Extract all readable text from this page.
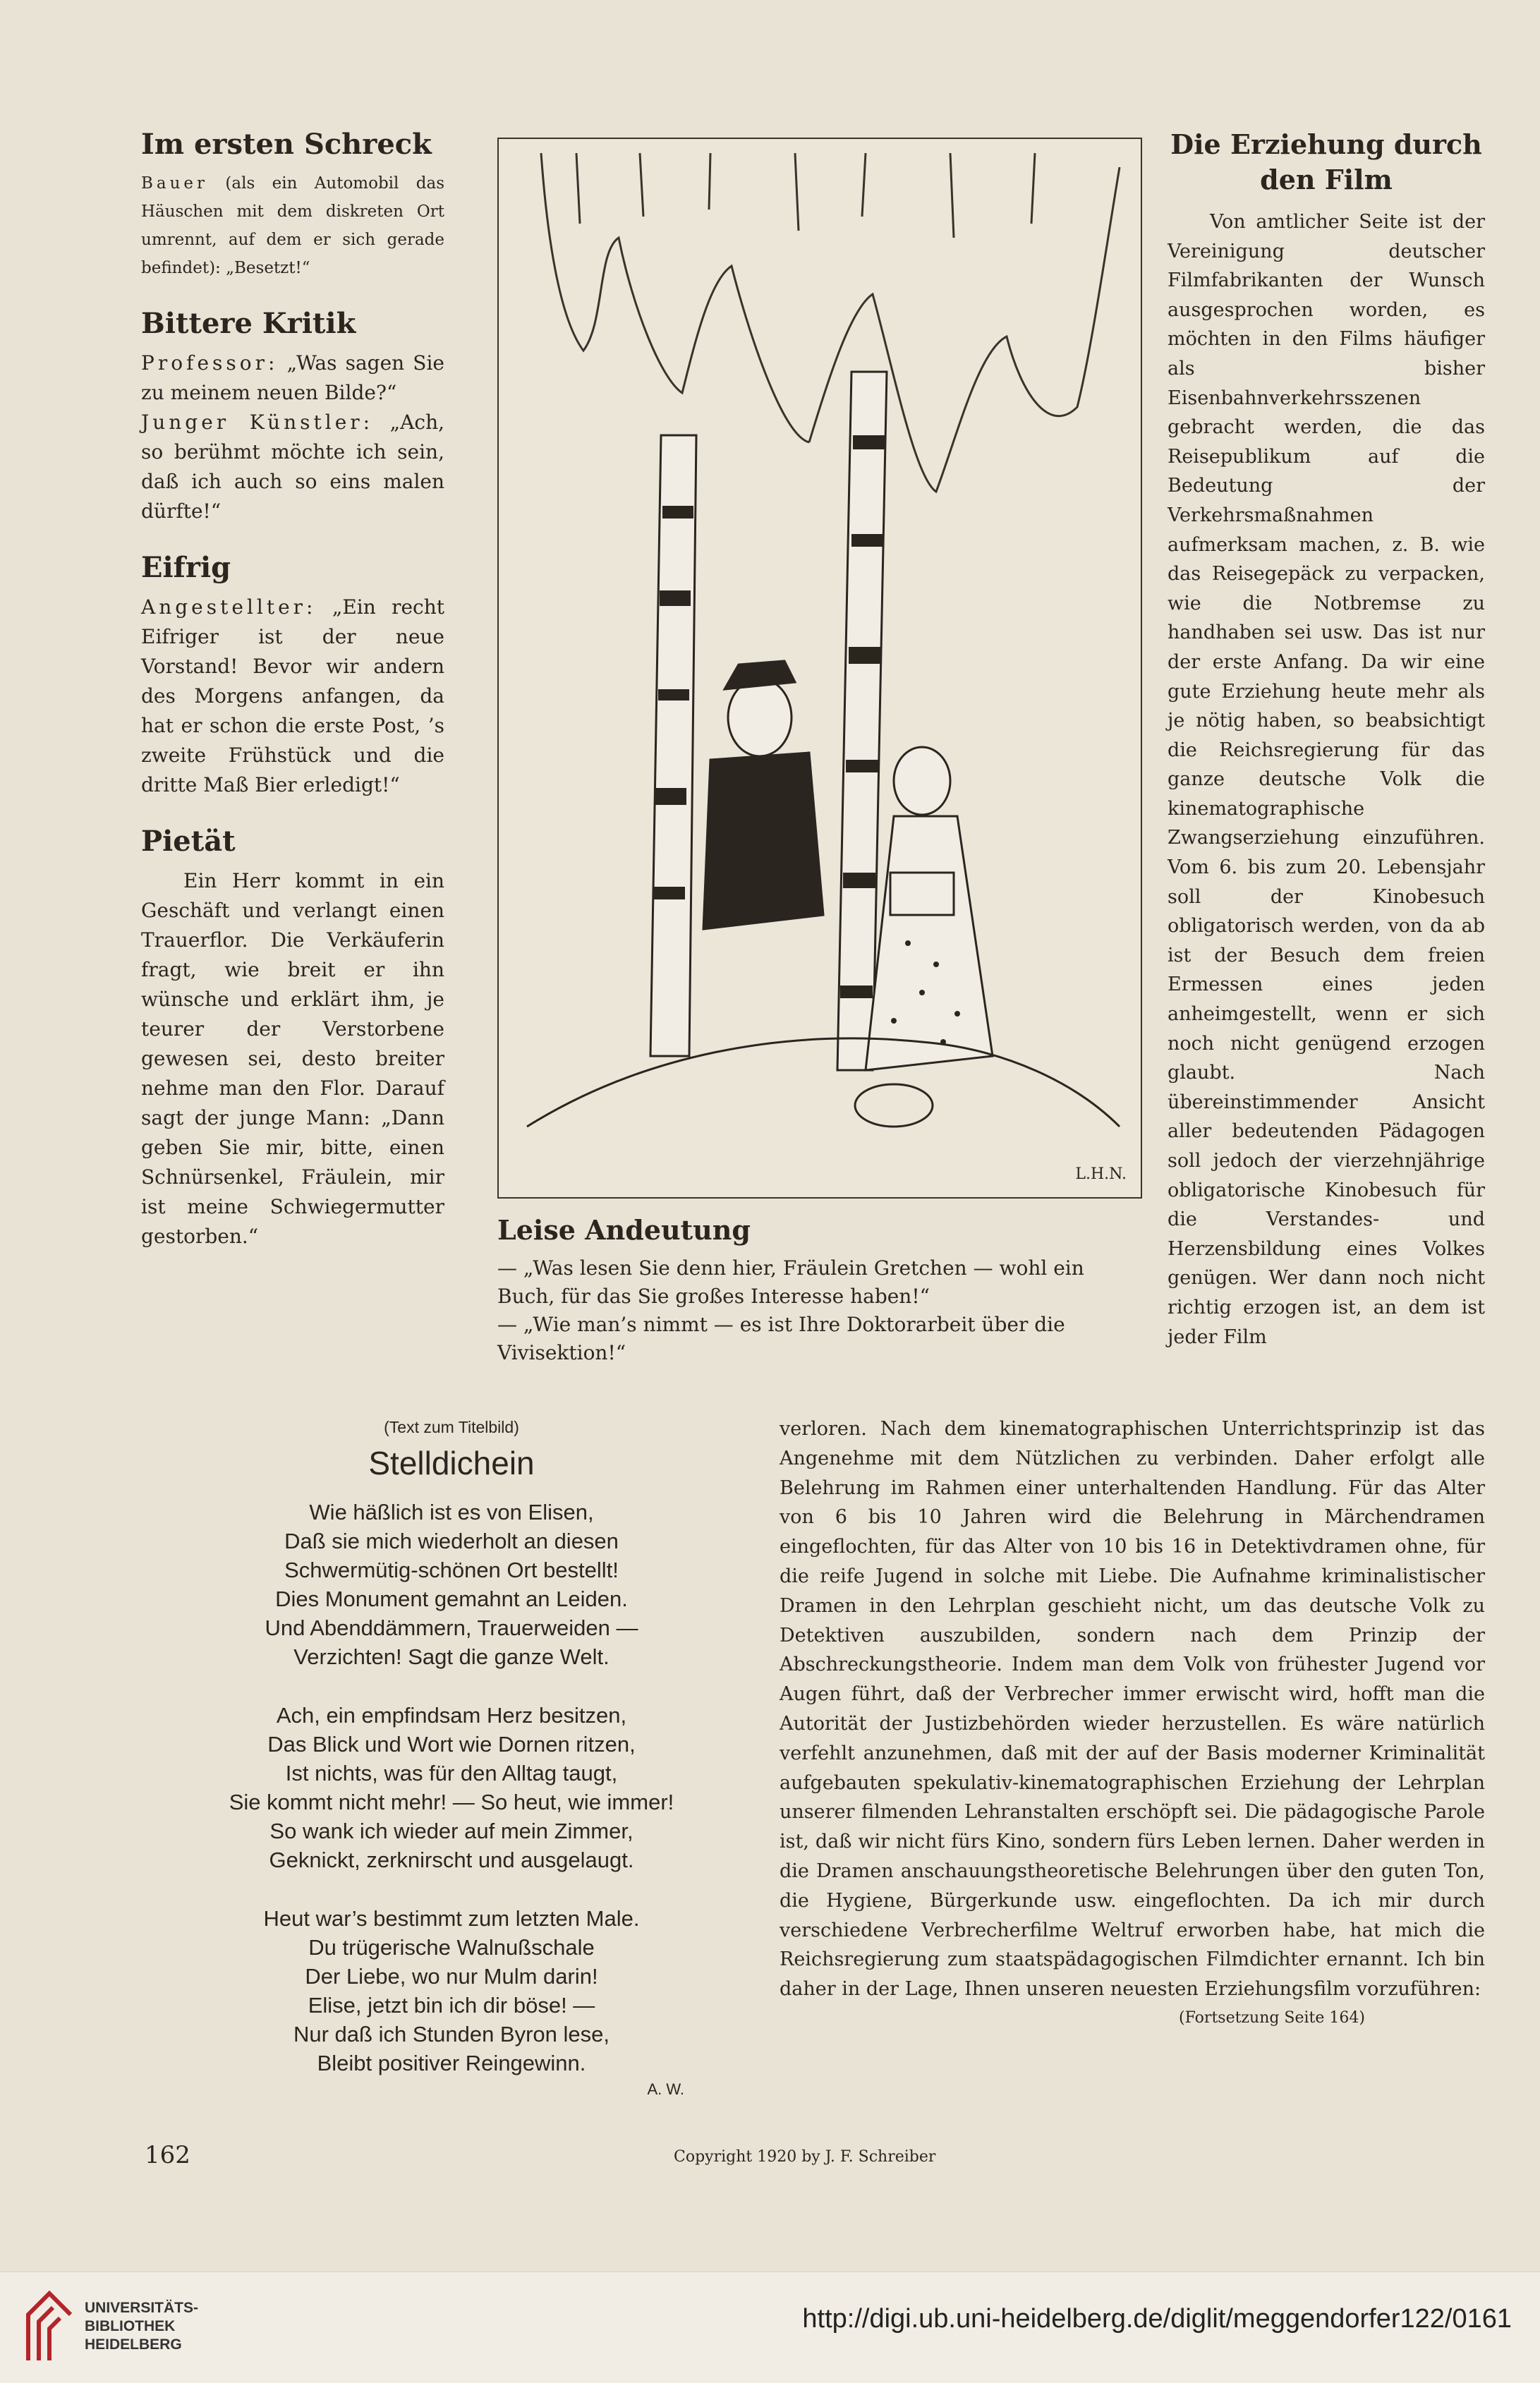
Im ersten Schreck

Bauer (als ein Automobil das Häuschen mit dem diskreten Ort umrennt, auf dem er sich gerade befindet): „Besetzt!“

Bittere Kritik

Professor: „Was sagen Sie zu meinem neuen Bilde?“

Junger Künstler: „Ach, so berühmt möchte ich sein, daß ich auch so eins malen dürfte!“

Eifrig

Angestellter: „Ein recht Eifriger ist der neue Vorstand! Bevor wir andern des Morgens anfangen, da hat er schon die erste Post, ’s zweite Frühstück und die dritte Maß Bier erledigt!“

Pietät

Ein Herr kommt in ein Geschäft und verlangt einen Trauerflor. Die Verkäuferin fragt, wie breit er ihn wünsche und erklärt ihm, je teurer der Verstorbene gewesen sei, desto breiter nehme man den Flor. Darauf sagt der junge Mann: „Dann geben Sie mir, bitte, einen Schnürsenkel, Fräulein, mir ist meine Schwiegermutter gestorben.“

L.H.N.
Leise Andeutung

— „Was lesen Sie denn hier, Fräulein Gretchen — wohl ein Buch, für das Sie großes Interesse haben!“

— „Wie man’s nimmt — es ist Ihre Doktorarbeit über die Vivisektion!“

Die Erziehung durch den Film

Von amtlicher Seite ist der Vereinigung deutscher Filmfabrikanten der Wunsch ausgesprochen worden, es möchten in den Films häufiger als bisher Eisenbahnverkehrsszenen gebracht werden, die das Reisepublikum auf die Bedeutung der Verkehrsmaßnahmen aufmerksam machen, z. B. wie das Reisegepäck zu verpacken, wie die Notbremse zu handhaben sei usw. Das ist nur der erste Anfang. Da wir eine gute Erziehung heute mehr als je nötig haben, so beabsichtigt die Reichsregierung für das ganze deutsche Volk die kinematographische Zwangserziehung einzuführen. Vom 6. bis zum 20. Lebensjahr soll der Kinobesuch obligatorisch werden, von da ab ist der Besuch dem freien Ermessen eines jeden anheimgestellt, wenn er sich noch nicht genügend erzogen glaubt. Nach übereinstimmender Ansicht aller bedeutenden Pädagogen soll jedoch der vierzehnjährige obligatorische Kinobesuch für die Verstandes- und Herzensbildung eines Volkes genügen. Wer dann noch nicht richtig erzogen ist, an dem ist jeder Film

(Text zum Titelbild)
Stelldichein
Wie häßlich ist es von Elisen,
Daß sie mich wiederholt an diesen
Schwermütig-schönen Ort bestellt!
Dies Monument gemahnt an Leiden.
Und Abenddämmern, Trauerweiden —
Verzichten! Sagt die ganze Welt.
Ach, ein empfindsam Herz besitzen,
Das Blick und Wort wie Dornen ritzen,
Ist nichts, was für den Alltag taugt,
Sie kommt nicht mehr! — So heut, wie immer!
So wank ich wieder auf mein Zimmer,
Geknickt, zerknirscht und ausgelaugt.
Heut war’s bestimmt zum letzten Male.
Du trügerische Walnußschale
Der Liebe, wo nur Mulm darin!
Elise, jetzt bin ich dir böse! —
Nur daß ich Stunden Byron lese,
Bleibt positiver Reingewinn.
A. W.
verloren. Nach dem kinematographischen Unterrichtsprinzip ist das Angenehme mit dem Nützlichen zu verbinden. Daher erfolgt alle Belehrung im Rahmen einer unterhaltenden Handlung. Für das Alter von 6 bis 10 Jahren wird die Belehrung in Märchendramen eingeflochten, für das Alter von 10 bis 16 in Detektivdramen ohne, für die reife Jugend in solche mit Liebe. Die Aufnahme kriminalistischer Dramen in den Lehrplan geschieht nicht, um das deutsche Volk zu Detektiven auszubilden, sondern nach dem Prinzip der Abschreckungstheorie. Indem man dem Volk von frühester Jugend vor Augen führt, daß der Verbrecher immer erwischt wird, hofft man die Autorität der Justizbehörden wieder herzustellen. Es wäre natürlich verfehlt anzunehmen, daß mit der auf der Basis moderner Kriminalität aufgebauten spekulativ-kinematographischen Erziehung der Lehrplan unserer filmenden Lehranstalten erschöpft sei. Die pädagogische Parole ist, daß wir nicht fürs Kino, sondern fürs Leben lernen. Daher werden in die Dramen anschauungstheoretische Belehrungen über den guten Ton, die Hygiene, Bürgerkunde usw. eingeflochten. Da ich mir durch verschiedene Verbrecherfilme Weltruf erworben habe, hat mich die Reichsregierung zum staatspädagogischen Filmdichter ernannt. Ich bin daher in der Lage, Ihnen unseren neuesten Erziehungsfilm vorzuführen:
(Fortsetzung Seite 164)
162	Copyright 1920 by J. F. Schreiber
UNIVERSITÄTS-
BIBLIOTHEK
HEIDELBERG
http://digi.ub.uni-heidelberg.de/diglit/meggendorfer122/0161
